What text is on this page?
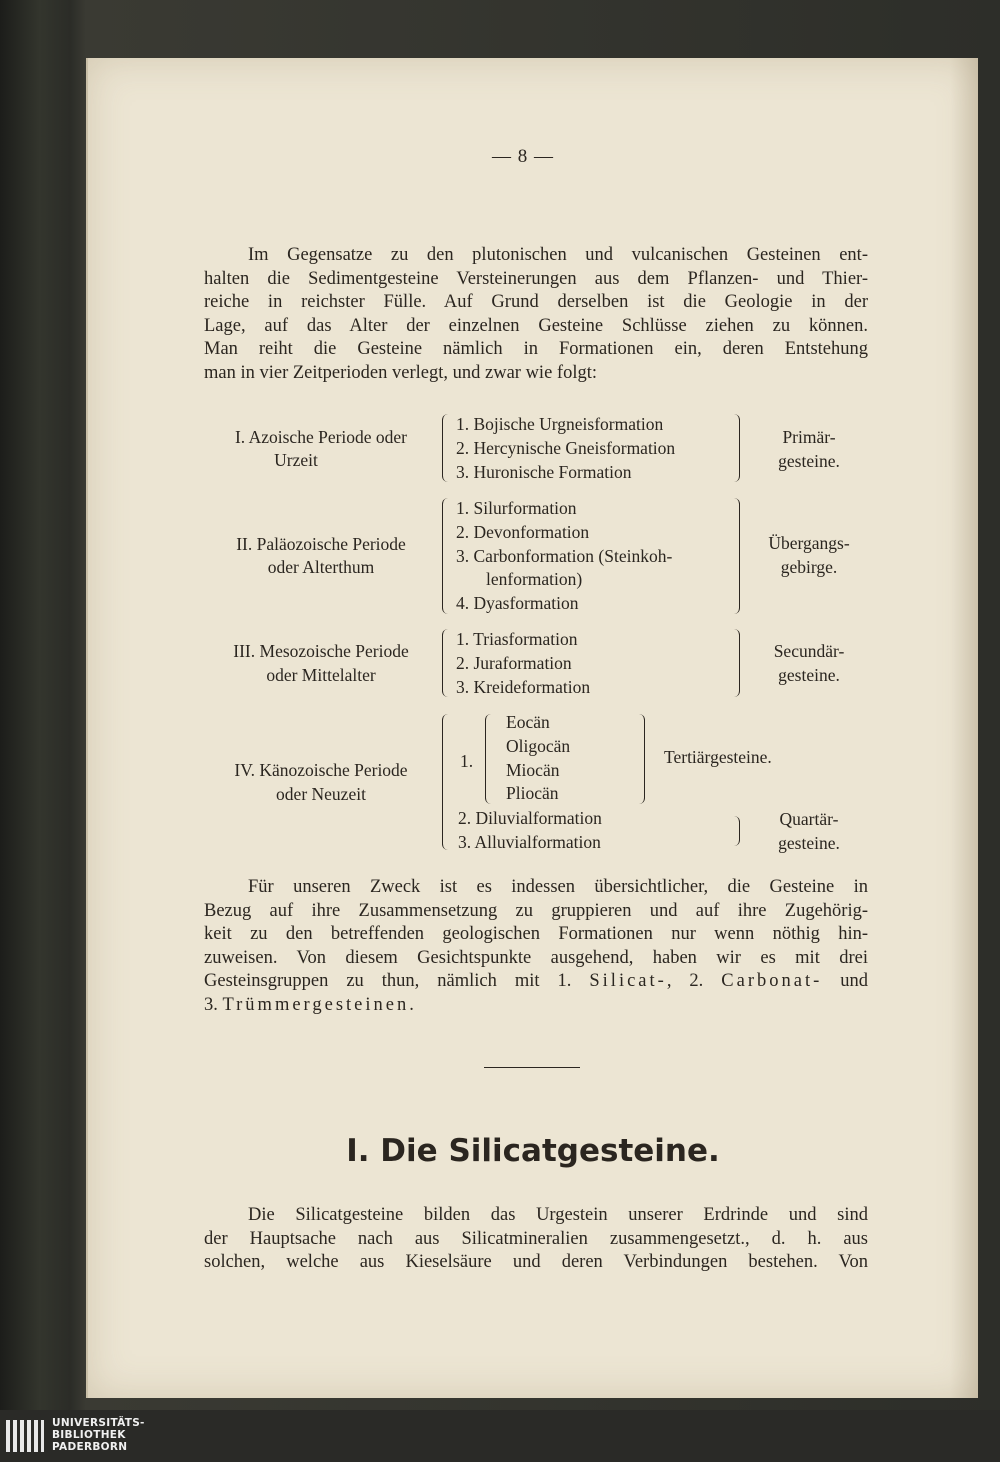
— 8 —
Im Gegensatze zu den plutonischen und vulcanischen Gesteinen ent-
halten die Sedimentgesteine Versteinerungen aus dem Pflanzen- und Thier-
reiche in reichster Fülle. Auf Grund derselben ist die Geologie in der
Lage, auf das Alter der einzelnen Gesteine Schlüsse ziehen zu können.
Man reiht die Gesteine nämlich in Formationen ein, deren Entstehung
man in vier Zeitperioden verlegt, und zwar wie folgt:
I. Azoische Periode oder
Urzeit
1. Bojische Urgneisformation
2. Hercynische Gneisformation
3. Huronische Formation
Primär-
gesteine.
II. Paläozoische Periode
oder Alterthum
1. Silurformation
2. Devonformation
3. Carbonformation (Steinkoh-
lenformation)
4. Dyasformation
Übergangs-
gebirge.
III. Mesozoische Periode
oder Mittelalter
1. Triasformation
2. Juraformation
3. Kreideformation
Secundär-
gesteine.
IV. Känozoische Periode
oder Neuzeit
1.
Eocän
Oligocän
Miocän
Pliocän
Tertiärgesteine.
2. Diluvialformation
3. Alluvialformation
Quartär-
gesteine.
Für unseren Zweck ist es indessen übersichtlicher, die Gesteine in
Bezug auf ihre Zusammensetzung zu gruppieren und auf ihre Zugehörig-
keit zu den betreffenden geologischen Formationen nur wenn nöthig hin-
zuweisen. Von diesem Gesichtspunkte ausgehend, haben wir es mit drei
Gesteinsgruppen zu thun, nämlich mit 1. Silicat-, 2. Carbonat- und
3. Trümmergesteinen.
I. Die Silicatgesteine.
Die Silicatgesteine bilden das Urgestein unserer Erdrinde und sind
der Hauptsache nach aus Silicatmineralien zusammengesetzt., d. h. aus
solchen, welche aus Kieselsäure und deren Verbindungen bestehen. Von
UNIVERSITÄTS-
BIBLIOTHEK
PADERBORN
